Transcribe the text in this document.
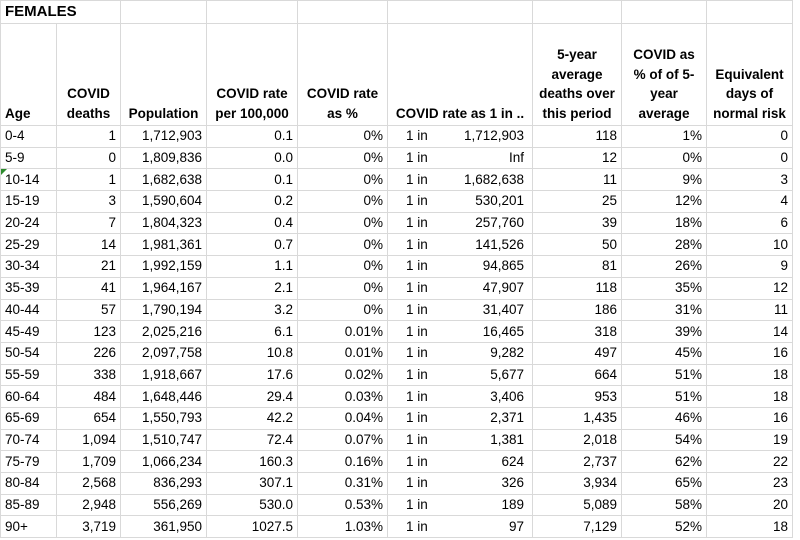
FEMALES								
Age	COVID deaths	Population	COVID rate per 100,000	COVID rate as %	COVID rate as 1 in ..	5-year average deaths over this period	COVID as % of of 5-year average	Equivalent days of normal risk
0-4	1	1,712,903	0.1	0%	1 in 1,712,903	118	1%	0
5-9	0	1,809,836	0.0	0%	1 in Inf	12	0%	0
10-14	1	1,682,638	0.1	0%	1 in 1,682,638	11	9%	3
15-19	3	1,590,604	0.2	0%	1 in 530,201	25	12%	4
20-24	7	1,804,323	0.4	0%	1 in 257,760	39	18%	6
25-29	14	1,981,361	0.7	0%	1 in 141,526	50	28%	10
30-34	21	1,992,159	1.1	0%	1 in 94,865	81	26%	9
35-39	41	1,964,167	2.1	0%	1 in 47,907	118	35%	12
40-44	57	1,790,194	3.2	0%	1 in 31,407	186	31%	11
45-49	123	2,025,216	6.1	0.01%	1 in 16,465	318	39%	14
50-54	226	2,097,758	10.8	0.01%	1 in 9,282	497	45%	16
55-59	338	1,918,667	17.6	0.02%	1 in 5,677	664	51%	18
60-64	484	1,648,446	29.4	0.03%	1 in 3,406	953	51%	18
65-69	654	1,550,793	42.2	0.04%	1 in 2,371	1,435	46%	16
70-74	1,094	1,510,747	72.4	0.07%	1 in 1,381	2,018	54%	19
75-79	1,709	1,066,234	160.3	0.16%	1 in 624	2,737	62%	22
80-84	2,568	836,293	307.1	0.31%	1 in 326	3,934	65%	23
85-89	2,948	556,269	530.0	0.53%	1 in 189	5,089	58%	20
90+	3,719	361,950	1027.5	1.03%	1 in 97	7,129	52%	18
